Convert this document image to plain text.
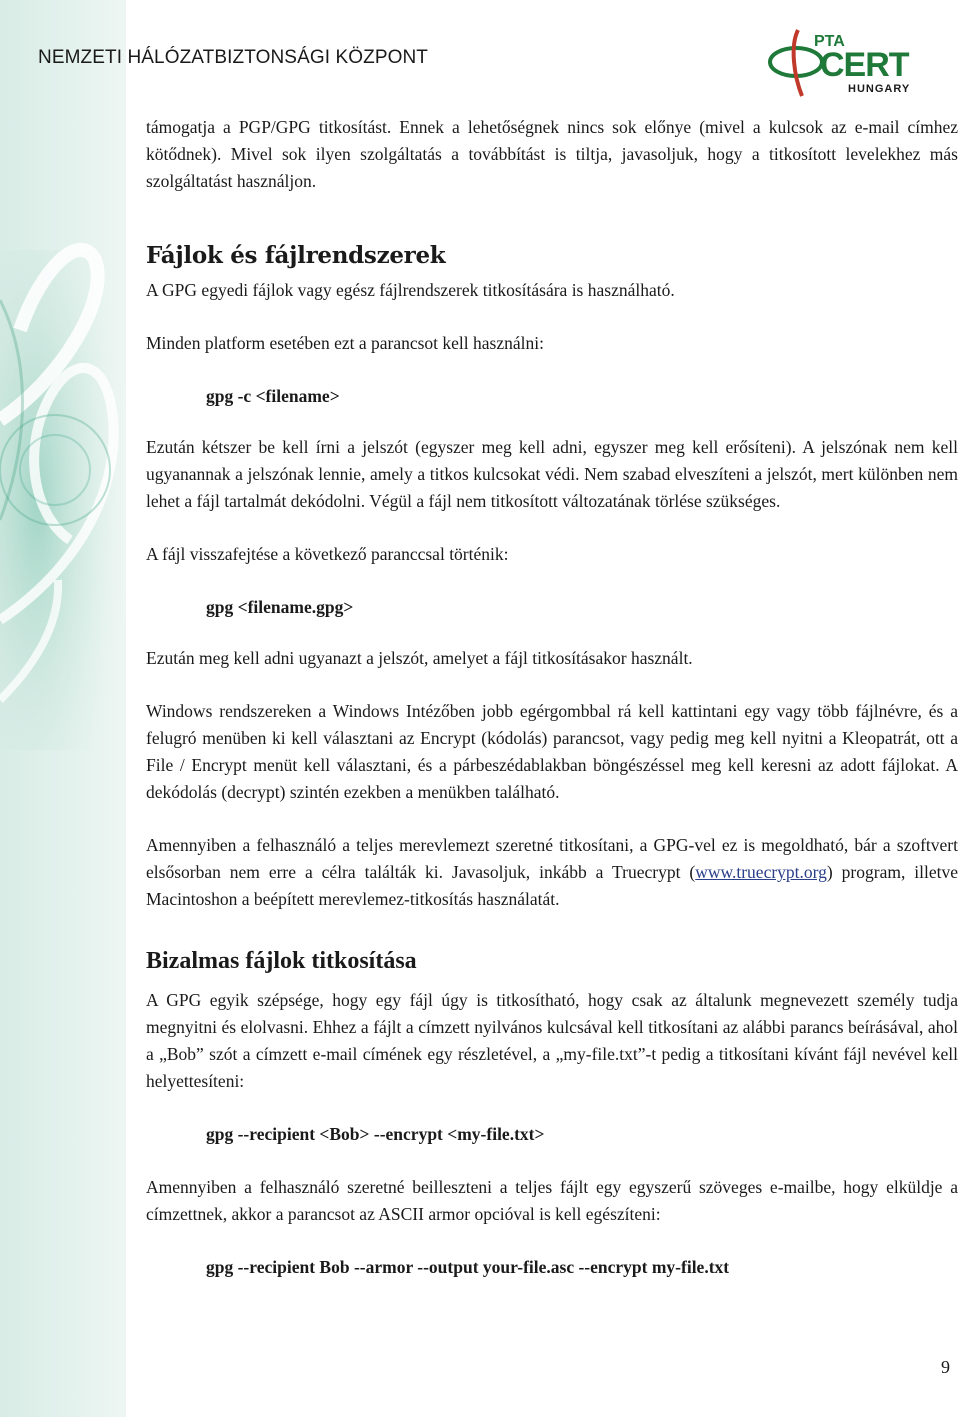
NEMZETI HÁLÓZATBIZTONSÁGI KÖZPONT
PTA
CERT
HUNGARY

támogatja a PGP/GPG titkosítást. Ennek a lehetőségnek nincs sok előnye (mivel a kulcsok az e-mail címhez kötődnek). Mivel sok ilyen szolgáltatás a továbbítást is tiltja, javasoljuk, hogy a titkosított levelekhez más szolgáltatást használjon.

Fájlok és fájlrendszerek

A GPG egyedi fájlok vagy egész fájlrendszerek titkosítására is használható.

Minden platform esetében ezt a parancsot kell használni:

gpg -c <filename>

Ezután kétszer be kell írni a jelszót (egyszer meg kell adni, egyszer meg kell erősíteni). A jelszónak nem kell ugyanannak a jelszónak lennie, amely a titkos kulcsokat védi. Nem szabad elveszíteni a jelszót, mert különben nem lehet a fájl tartalmát dekódolni. Végül a fájl nem titkosított változatának törlése szükséges.

A fájl visszafejtése a következő paranccsal történik:

gpg <filename.gpg>

Ezután meg kell adni ugyanazt a jelszót, amelyet a fájl titkosításakor használt.

Windows rendszereken a Windows Intézőben jobb egérgombbal rá kell kattintani egy vagy több fájlnévre, és a felugró menüben ki kell választani az Encrypt (kódolás) parancsot, vagy pedig meg kell nyitni a Kleopatrát, ott a File / Encrypt menüt kell választani, és a párbeszédablakban böngészéssel meg kell keresni az adott fájlokat. A dekódolás (decrypt) szintén ezekben a menükben található.

Amennyiben a felhasználó a teljes merevlemezt szeretné titkosítani, a GPG-vel ez is megoldható, bár a szoftvert elsősorban nem erre a célra találták ki. Javasoljuk, inkább a Truecrypt (www.truecrypt.org) program, illetve Macintoshon a beépített merevlemez-titkosítás használatát.

Bizalmas fájlok titkosítása

A GPG egyik szépsége, hogy egy fájl úgy is titkosítható, hogy csak az általunk megnevezett személy tudja megnyitni és elolvasni. Ehhez a fájlt a címzett nyilvános kulcsával kell titkosítani az alábbi parancs beírásával, ahol a „Bob” szót a címzett e-mail címének egy részletével, a „my-file.txt”-t pedig a titkosítani kívánt fájl nevével kell helyettesíteni:

gpg --recipient <Bob> --encrypt <my-file.txt>

Amennyiben a felhasználó szeretné beilleszteni a teljes fájlt egy egyszerű szöveges e-mailbe, hogy elküldje a címzettnek, akkor a parancsot az ASCII armor opcióval is kell egészíteni:

gpg --recipient Bob --armor --output your-file.asc --encrypt my-file.txt
9
